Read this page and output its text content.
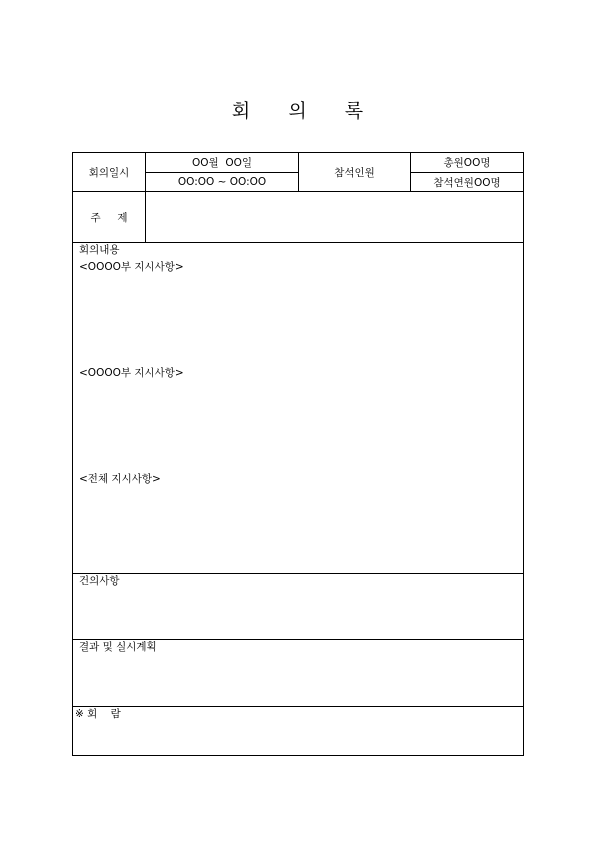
회 의 록
회의일시
OO월  OO일
OO:OO ~ OO:OO
참석인원
총원OO명
참석연원OO명
주     제
회의내용
<OOOO부 지시사항>
<OOOO부 지시사항>
<전체 지시사항>
건의사항
결과 및 실시계획
※ 회    람
